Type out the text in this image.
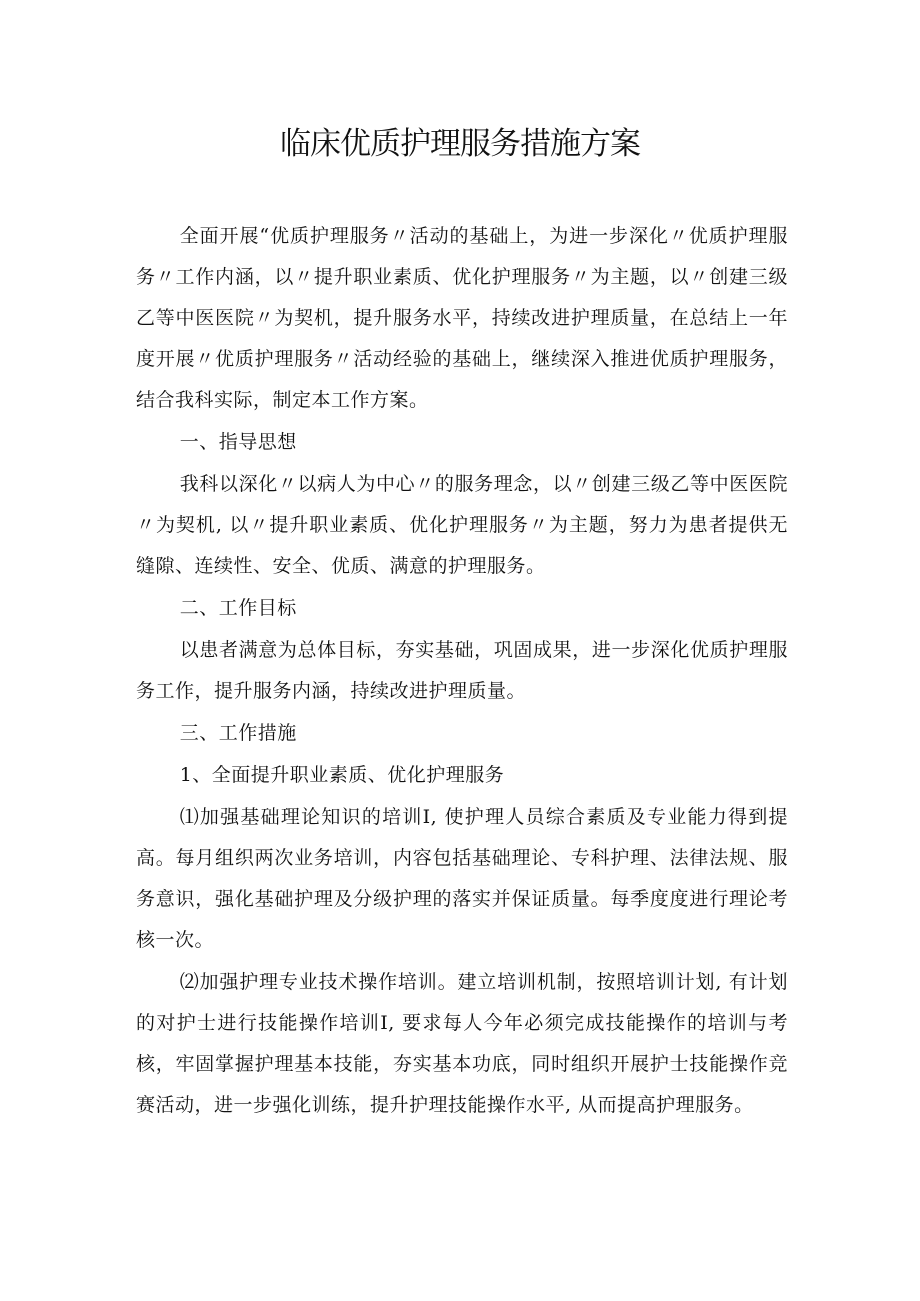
临床优质护理服务措施方案

全面开展“优质护理服务〃活动的基础上，为进一步深化〃优质护理服务〃工作内涵，以〃提升职业素质、优化护理服务〃为主题，以〃创建三级乙等中医医院〃为契机，提升服务水平，持续改进护理质量，在总结上一年度开展〃优质护理服务〃活动经验的基础上，继续深入推进优质护理服务，结合我科实际，制定本工作方案。

一、指导思想

我科以深化〃以病人为中心〃的服务理念，以〃创建三级乙等中医医院〃为契机, 以〃提升职业素质、优化护理服务〃为主题，努力为患者提供无缝隙、连续性、安全、优质、满意的护理服务。

二、工作目标

以患者满意为总体目标，夯实基础，巩固成果，进一步深化优质护理服务工作，提升服务内涵，持续改进护理质量。

三、工作措施

1、全面提升职业素质、优化护理服务

⑴加强基础理论知识的培训I, 使护理人员综合素质及专业能力得到提高。每月组织两次业务培训，内容包括基础理论、专科护理、法律法规、服务意识，强化基础护理及分级护理的落实并保证质量。每季度度进行理论考核一次。

⑵加强护理专业技术操作培训。建立培训机制，按照培训计划, 有计划的对护士进行技能操作培训I, 要求每人今年必须完成技能操作的培训与考核，牢固掌握护理基本技能，夯实基本功底，同时组织开展护士技能操作竞赛活动，进一步强化训练，提升护理技能操作水平, 从而提高护理服务。
